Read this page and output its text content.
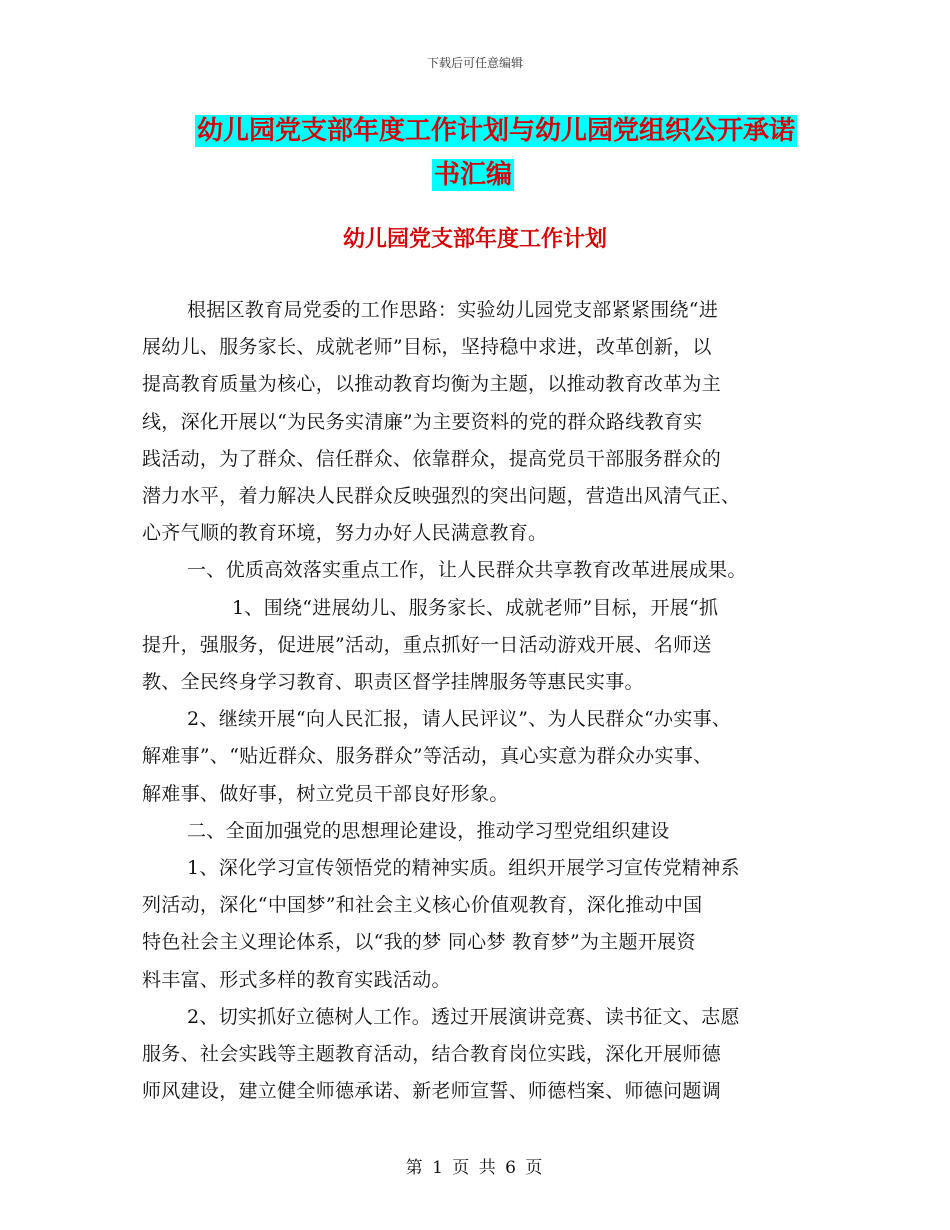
下载后可任意编辑
幼儿园党支部年度工作计划与幼儿园党组织公开承诺
书汇编
幼儿园党支部年度工作计划
根据区教育局党委的工作思路：实验幼儿园党支部紧紧围绕“进
展幼儿、服务家长、成就老师”目标，坚持稳中求进，改革创新，以
提高教育质量为核心，以推动教育均衡为主题，以推动教育改革为主
线，深化开展以“为民务实清廉”为主要资料的党的群众路线教育实
践活动，为了群众、信任群众、依靠群众，提高党员干部服务群众的
潜力水平，着力解决人民群众反映强烈的突出问题，营造出风清气正、
心齐气顺的教育环境，努力办好人民满意教育。
一、优质高效落实重点工作，让人民群众共享教育改革进展成果。
1、围绕“进展幼儿、服务家长、成就老师”目标，开展“抓
提升，强服务，促进展”活动，重点抓好一日活动游戏开展、名师送
教、全民终身学习教育、职责区督学挂牌服务等惠民实事。
2、继续开展“向人民汇报，请人民评议”、为人民群众“办实事、
解难事”、“贴近群众、服务群众”等活动，真心实意为群众办实事、
解难事、做好事，树立党员干部良好形象。
二、全面加强党的思想理论建设，推动学习型党组织建设
1、深化学习宣传领悟党的精神实质。组织开展学习宣传党精神系
列活动，深化“中国梦”和社会主义核心价值观教育，深化推动中国
特色社会主义理论体系，以“我的梦 同心梦 教育梦”为主题开展资
料丰富、形式多样的教育实践活动。
2、切实抓好立德树人工作。透过开展演讲竞赛、读书征文、志愿
服务、社会实践等主题教育活动，结合教育岗位实践，深化开展师德
师风建设，建立健全师德承诺、新老师宣誓、师德档案、师德问题调
第 1 页 共 6 页
